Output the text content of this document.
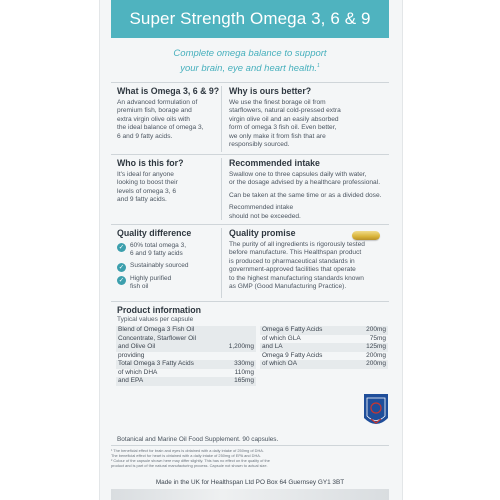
Super Strength Omega 3, 6 & 9
Complete omega balance to support
your brain, eye and heart health.$^1$
What is Omega 3, 6 & 9?
An advanced formulation of
premium fish, borage and
extra virgin olive oils with
the ideal balance of omega 3,
6 and 9 fatty acids.
Why is ours better?
We use the finest borage oil from
starflowers, natural cold-pressed extra
virgin olive oil and an easily absorbed
form of omega 3 fish oil. Even better,
we only make it from fish that are
responsibly sourced.
Who is this for?
It's ideal for anyone
looking to boost their
levels of omega 3, 6
and 9 fatty acids.
Recommended intake
Swallow one to three capsules daily with water,
or the dosage advised by a healthcare professional.
Can be taken at the same time or as a divided dose.
Recommended intake
should not be exceeded.
Quality difference
✓ 60% total omega 3,
6 and 9 fatty acids
✓ Sustainably sourced
✓ Highly purified
fish oil
Quality promise
The purity of all ingredients is rigorously tested
before manufacture. This Healthspan product
is produced to pharmaceutical standards in
government-approved facilities that operate
to the highest manufacturing standards known
as GMP (Good Manufacturing Practice).
Product information
Typical values per capsule
Blend of Omega 3 Fish Oil
Concentrate, Starflower Oil
and Olive Oil	1,200mg
providing
Total Omega 3 Fatty Acids	330mg
of which DHA	110mg
and EPA	165mg
Omega 6 Fatty Acids	200mg
of which GLA	75mg
and LA	125mg
Omega 9 Fatty Acids	200mg
of which OA	200mg
Botanical and Marine Oil Food Supplement. 90 capsules.
¹ The beneficial effect for brain and eyes is obtained with a daily intake of 250mg of DHA.
The beneficial effect for heart is obtained with a daily intake of 250mg of EPA and DHA.
² Colour of the capsule shown here may differ slightly. This has no effect on the quality of the
product and is part of the natural manufacturing process. Capsule not shown to actual size.
Made in the UK for Healthspan Ltd PO Box 64 Guernsey GY1 3BT
